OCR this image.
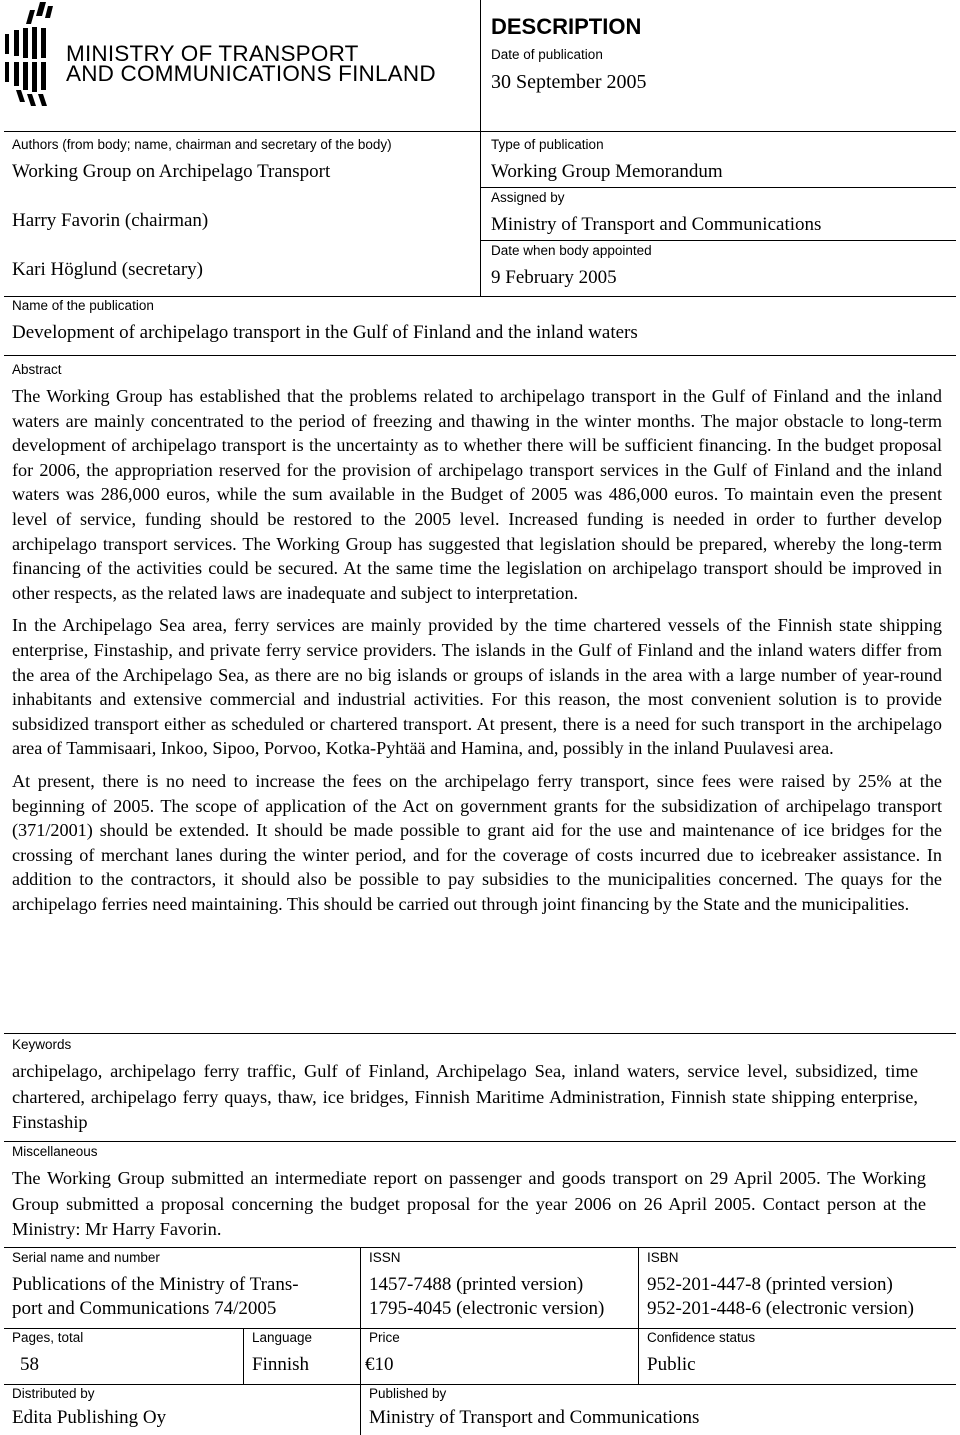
MINISTRY OF TRANSPORT
AND COMMUNICATIONS FINLAND
DESCRIPTION
Date of publication
30 September 2005
Authors (from body; name, chairman and secretary of the body)
Working Group on Archipelago Transport
Harry Favorin (chairman)
Kari Höglund (secretary)
Type of publication
Working Group Memorandum
Assigned by
Ministry of Transport and Communications
Date when body appointed
9 February 2005
Name of the publication
Development of archipelago transport in the Gulf of Finland and the inland waters
Abstract

The Working Group has established that the problems related to archipelago transport in the Gulf of Finland and the inland waters are mainly concentrated to the period of freezing and thawing in the winter months. The major obstacle to long-term development of archipelago transport is the uncertainty as to whether there will be sufficient financing. In the budget proposal for 2006, the appropriation reserved for the provision of archipelago transport services in the Gulf of Finland and the inland waters was 286,000 euros, while the sum available in the Budget of 2005 was 486,000 euros. To maintain even the present level of service, funding should be restored to the 2005 level. Increased funding is needed in order to further develop archipelago transport services. The Working Group has suggested that legislation should be prepared, whereby the long-term financing of the activities could be secured. At the same time the legislation on archipelago transport should be improved in other respects, as the related laws are inadequate and subject to interpretation.

In the Archipelago Sea area, ferry services are mainly provided by the time chartered vessels of the Finnish state shipping enterprise, Finstaship, and private ferry service providers. The islands in the Gulf of Finland and the inland waters differ from the area of the Archipelago Sea, as there are no big islands or groups of islands in the area with a large number of year-round inhabitants and extensive commercial and industrial activities. For this reason, the most convenient solution is to provide subsidized transport either as scheduled or chartered transport. At present, there is a need for such transport in the archipelago area of Tammisaari, Inkoo, Sipoo, Porvoo, Kotka-Pyhtää and Hamina, and, possibly in the inland Puulavesi area.

At present, there is no need to increase the fees on the archipelago ferry transport, since fees were raised by 25% at the beginning of 2005. The scope of application of the Act on government grants for the subsidization of archipelago transport (371/2001) should be extended. It should be made possible to grant aid for the use and maintenance of ice bridges for the crossing of merchant lanes during the winter period, and for the coverage of costs incurred due to icebreaker assistance. In addition to the contractors, it should also be possible to pay subsidies to the municipalities concerned. The quays for the archipelago ferries need maintaining. This should be carried out through joint financing by the State and the municipalities.

Keywords
archipelago, archipelago ferry traffic, Gulf of Finland, Archipelago Sea, inland waters, service level, subsidized, time chartered, archipelago ferry quays, thaw, ice bridges, Finnish Maritime Administration, Finnish state shipping enterprise, Finstaship
Miscellaneous
The Working Group submitted an intermediate report on passenger and goods transport on 29 April 2005. The Working Group submitted a proposal concerning the budget proposal for the year 2006 on 26 April 2005. Contact person at the Ministry: Mr Harry Favorin.
Serial name and number
Publications of the Ministry of Trans-
port and Communications 74/2005
ISSN
1457-7488 (printed version)
1795-4045 (electronic version)
ISBN
952-201-447-8 (printed version)
952-201-448-6 (electronic version)
Pages, total
58
Language
Finnish
Price
€10
Confidence status
Public
Distributed by
Edita Publishing Oy
Published by
Ministry of Transport and Communications
